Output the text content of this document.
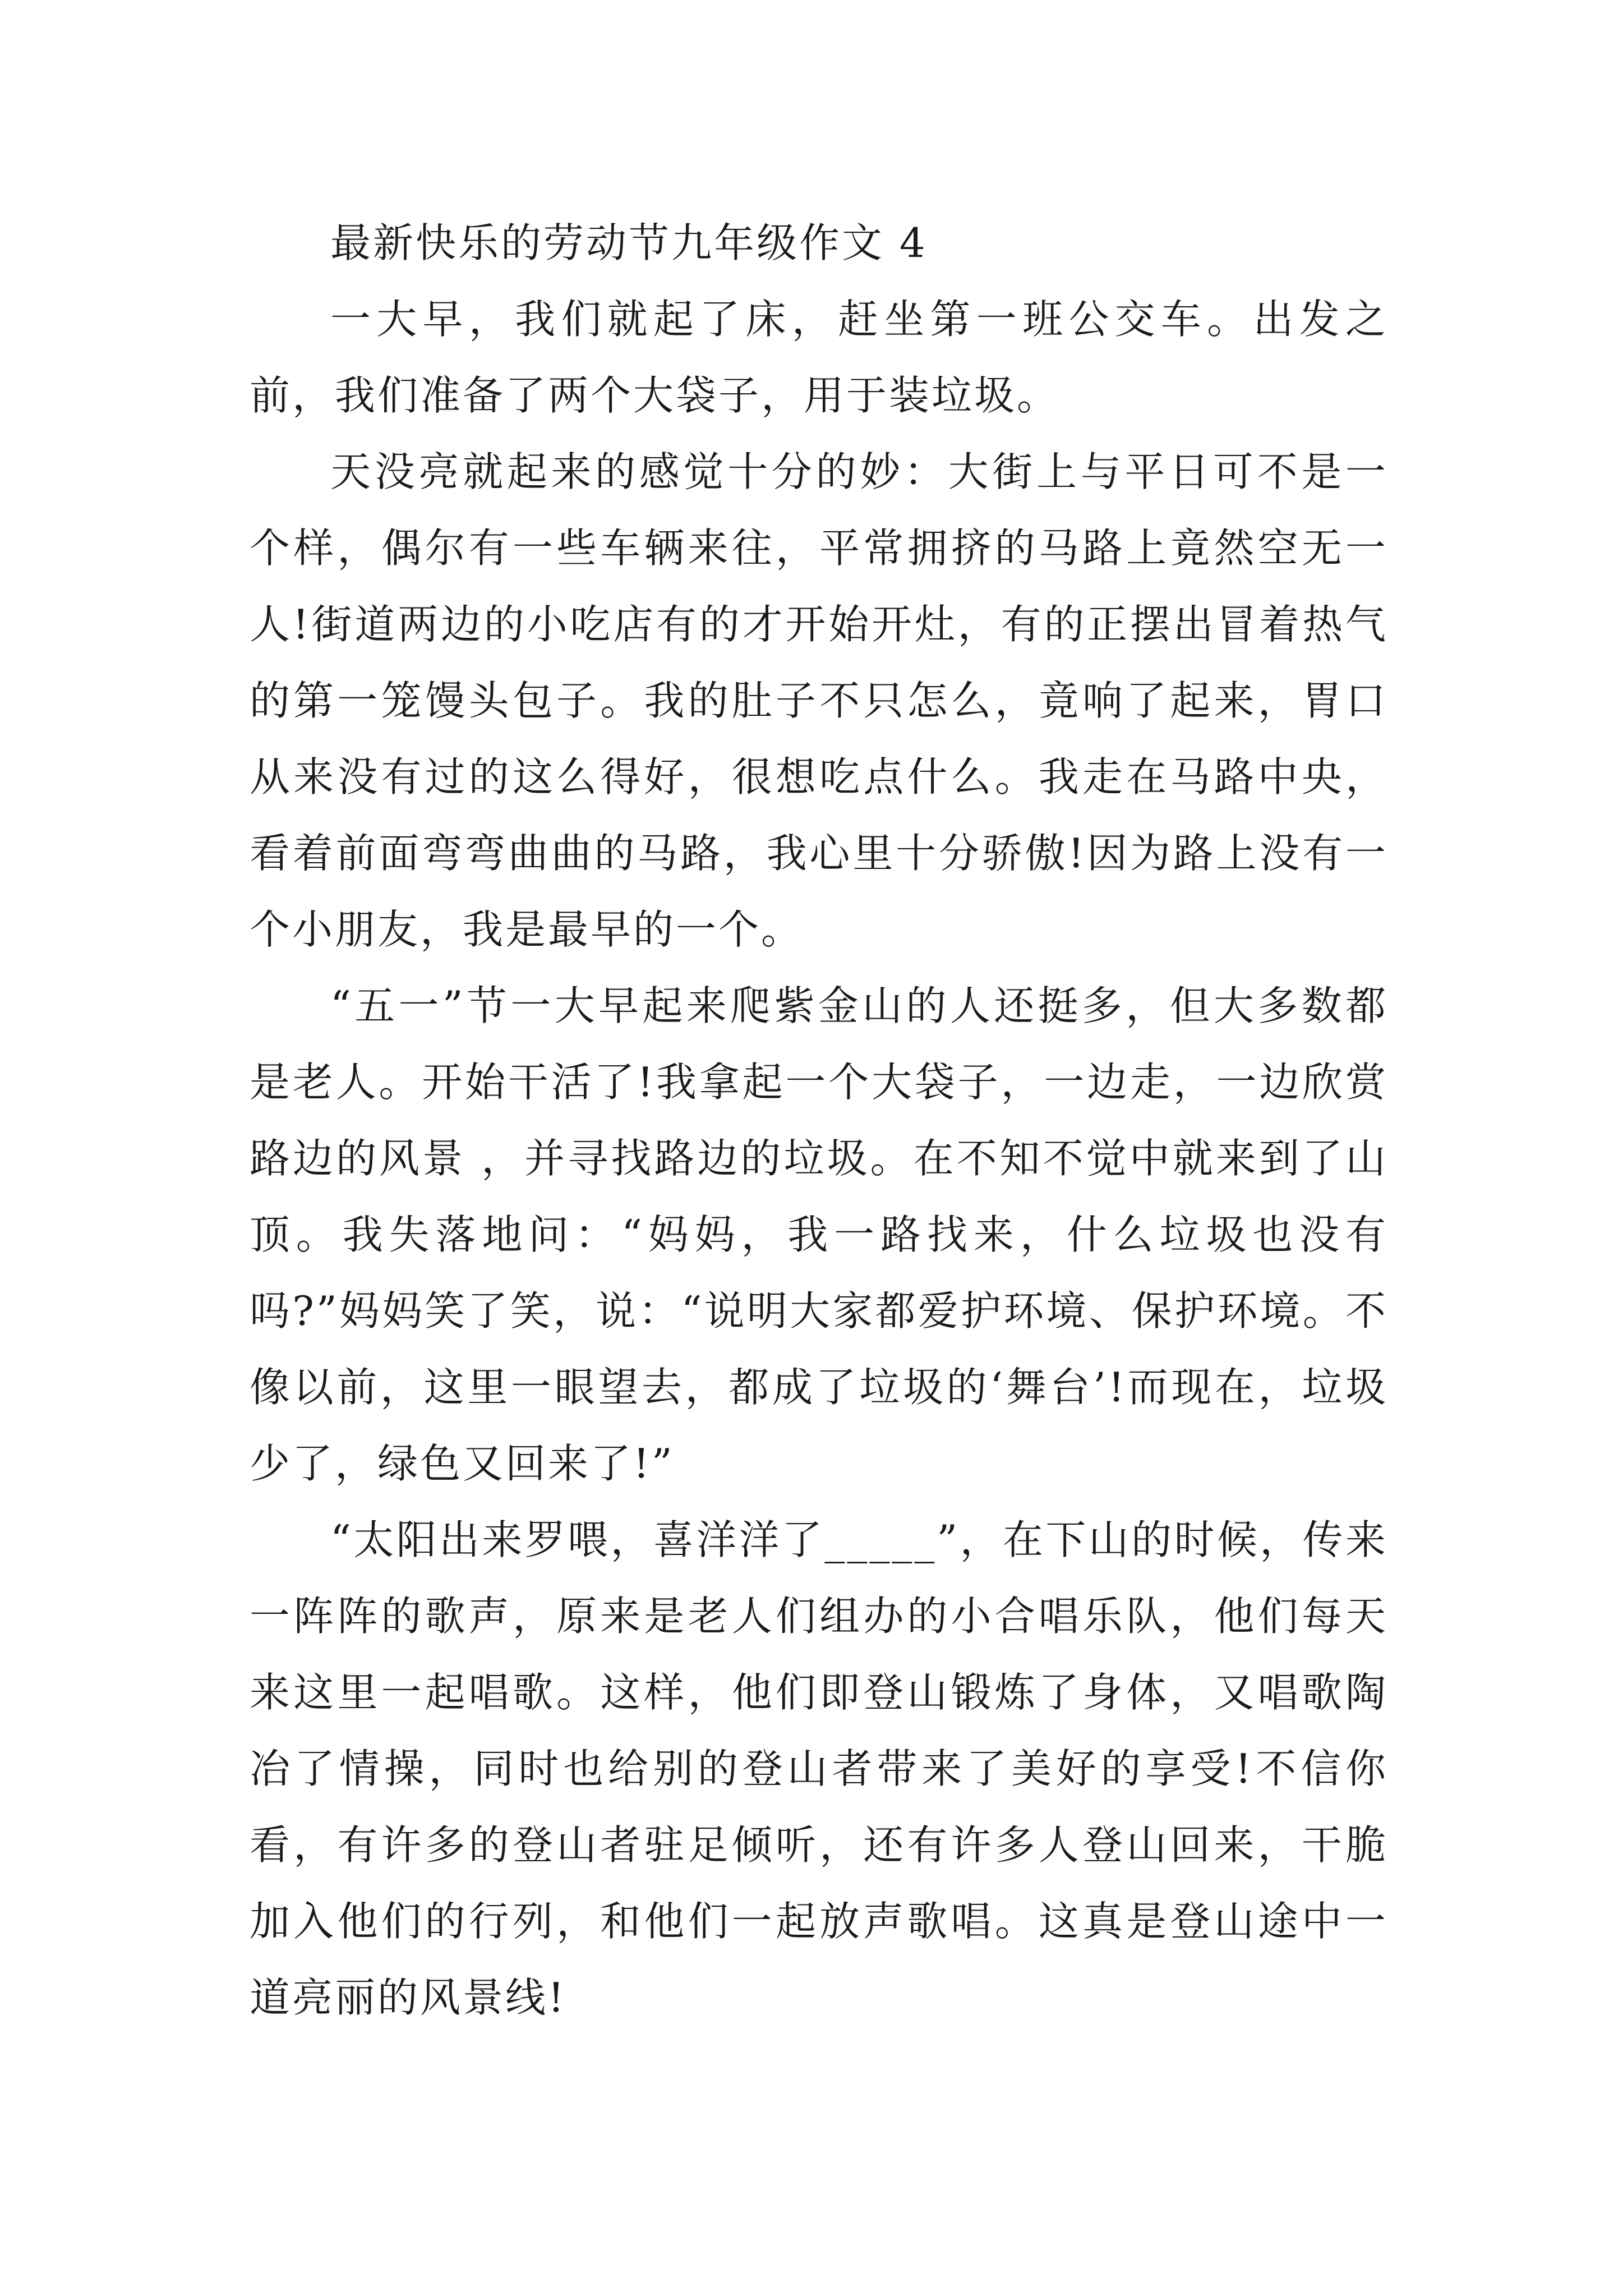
最新快乐的劳动节九年级作文 4

一大早，我们就起了床，赶坐第一班公交车。出发之前，我们准备了两个大袋子，用于装垃圾。

天没亮就起来的感觉十分的妙：大街上与平日可不是一个样，偶尔有一些车辆来往，平常拥挤的马路上竟然空无一人!街道两边的小吃店有的才开始开灶，有的正摆出冒着热气的第一笼馒头包子。我的肚子不只怎么，竟响了起来，胃口从来没有过的这么得好，很想吃点什么。我走在马路中央，看着前面弯弯曲曲的马路，我心里十分骄傲!因为路上没有一个小朋友，我是最早的一个。

“五一”节一大早起来爬紫金山的人还挺多，但大多数都是老人。开始干活了!我拿起一个大袋子，一边走，一边欣赏路边的风景 ，并寻找路边的垃圾。在不知不觉中就来到了山顶。我失落地问：“妈妈，我一路找来，什么垃圾也没有吗?”妈妈笑了笑，说：“说明大家都爱护环境、保护环境。不像以前，这里一眼望去，都成了垃圾的‘舞台’!而现在，垃圾少了，绿色又回来了!”

“太阳出来罗喂，喜洋洋了_____”，在下山的时候，传来一阵阵的歌声，原来是老人们组办的小合唱乐队，他们每天来这里一起唱歌。这样，他们即登山锻炼了身体，又唱歌陶冶了情操，同时也给别的登山者带来了美好的享受!不信你看，有许多的登山者驻足倾听，还有许多人登山回来，干脆加入他们的行列，和他们一起放声歌唱。这真是登山途中一道亮丽的风景线!
